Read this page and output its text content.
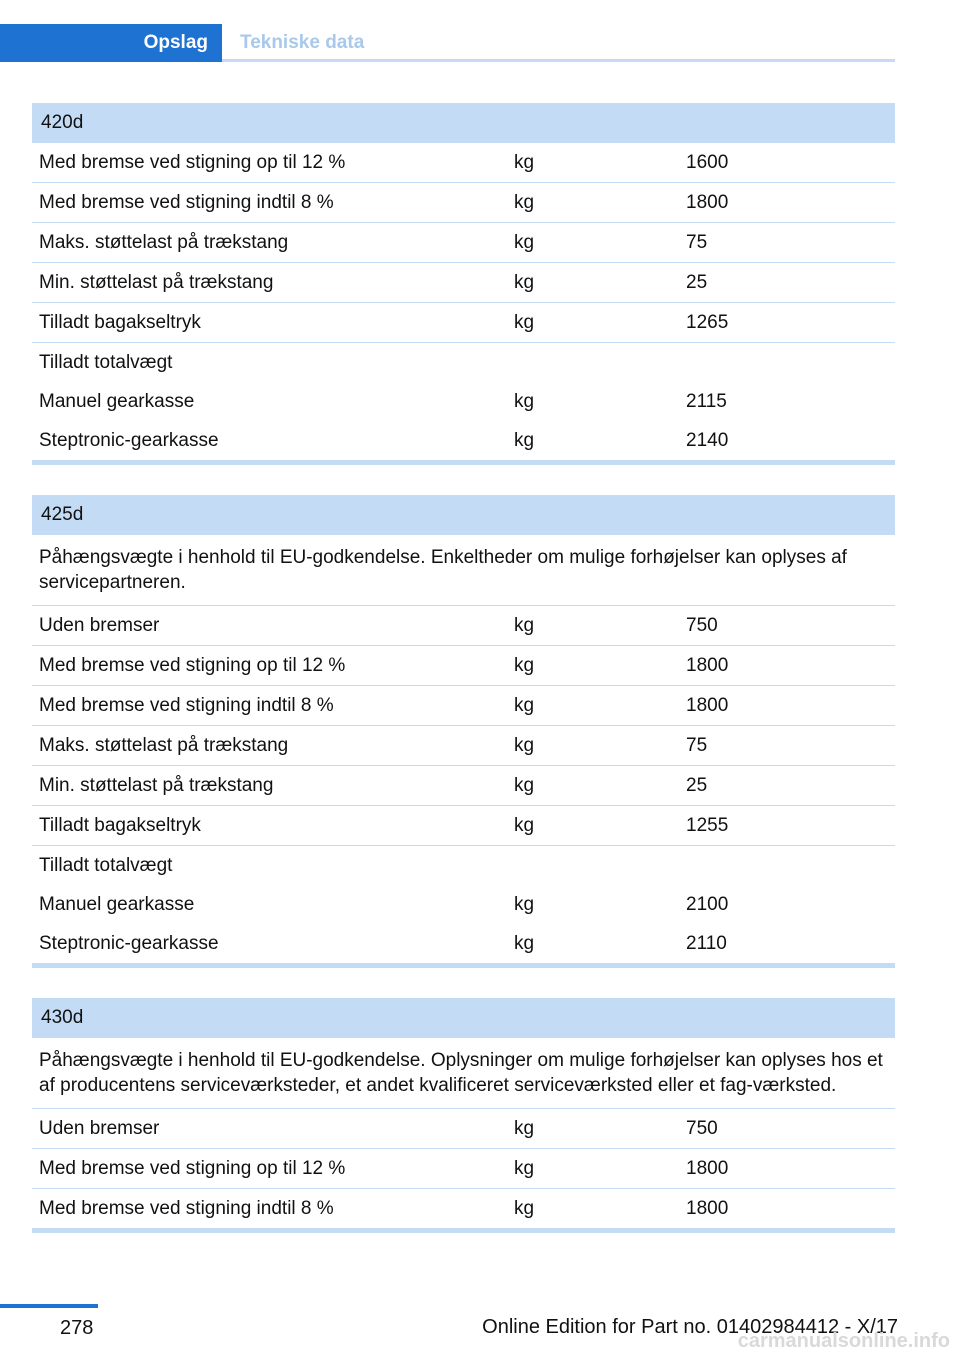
Opslag	Tekniske data
420d
Med bremse ved stigning op til 12 %	kg	1600
Med bremse ved stigning indtil 8 %	kg	1800
Maks. støttelast på trækstang	kg	75
Min. støttelast på trækstang	kg	25
Tilladt bagakseltryk	kg	1265
Tilladt totalvægt
Manuel gearkasse	kg	2115
Steptronic-gearkasse	kg	2140
425d
Påhængsvægte i henhold til EU-godkendelse. Enkeltheder om mulige forhøjelser kan oplyses af servicepartneren.
Uden bremser	kg	750
Med bremse ved stigning op til 12 %	kg	1800
Med bremse ved stigning indtil 8 %	kg	1800
Maks. støttelast på trækstang	kg	75
Min. støttelast på trækstang	kg	25
Tilladt bagakseltryk	kg	1255
Tilladt totalvægt
Manuel gearkasse	kg	2100
Steptronic-gearkasse	kg	2110
430d
Påhængsvægte i henhold til EU-godkendelse. Oplysninger om mulige forhøjelser kan oplyses hos et af producentens serviceværksteder, et andet kvalificeret serviceværksted eller et fag-værksted.
Uden bremser	kg	750
Med bremse ved stigning op til 12 %	kg	1800
Med bremse ved stigning indtil 8 %	kg	1800
278	Online Edition for Part no. 01402984412 - X/17
carmanualsonline.info
